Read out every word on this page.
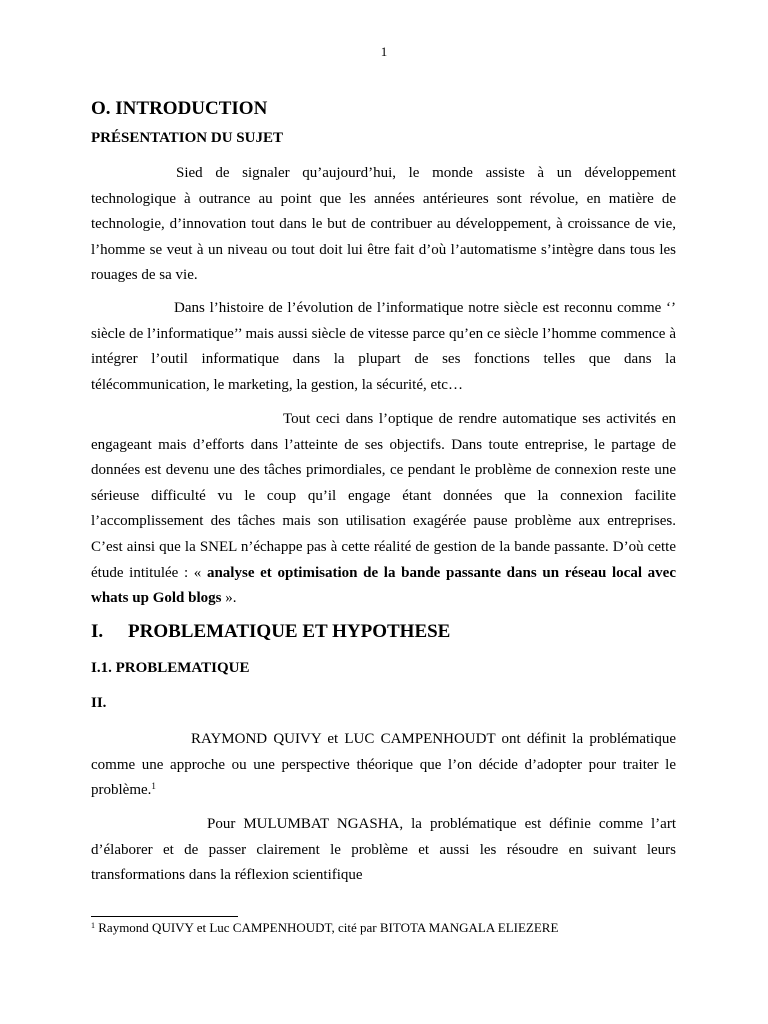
1
O. INTRODUCTION
PRÉSENTATION DU SUJET

Sied de signaler qu’aujourd’hui, le monde assiste à un développement technologique à outrance au point que les années antérieures sont révolue, en matière de technologie, d’innovation tout dans le but de contribuer au développement, à croissance de vie, l’homme se veut à un niveau ou tout doit lui être fait d’où l’automatisme s’intègre dans tous les rouages de sa vie.

Dans l’histoire de l’évolution de l’informatique notre siècle est reconnu comme ‘’ siècle de l’informatique’’ mais aussi siècle de vitesse parce qu’en ce siècle l’homme commence à intégrer l’outil informatique dans la plupart de ses fonctions telles que dans la télécommunication, le marketing, la gestion, la sécurité, etc…

Tout ceci dans l’optique de rendre automatique ses activités en engageant mais d’efforts dans l’atteinte de ses objectifs. Dans toute entreprise, le partage de données est devenu une des tâches primordiales, ce pendant le problème de connexion reste une sérieuse difficulté vu le coup qu’il engage étant données que la connexion facilite l’accomplissement des tâches mais son utilisation exagérée pause problème aux entreprises. C’est ainsi que la SNEL n’échappe pas à cette réalité de gestion de la bande passante. D’où cette étude intitulée : « analyse et optimisation de la bande passante dans un réseau local avec whats up Gold blogs ».

I. PROBLEMATIQUE ET HYPOTHESE
I.1. PROBLEMATIQUE
II.

RAYMOND QUIVY et LUC CAMPENHOUDT ont définit la problématique comme une approche ou une perspective théorique que l’on décide d’adopter pour traiter le problème.$^1$

Pour MULUMBAT NGASHA, la problématique est définie comme l’art d’élaborer et de passer clairement le problème et aussi les résoudre en suivant leurs transformations dans la réflexion scientifique

$^1$ Raymond QUIVY et Luc CAMPENHOUDT, cité par BITOTA MANGALA ELIEZERE
